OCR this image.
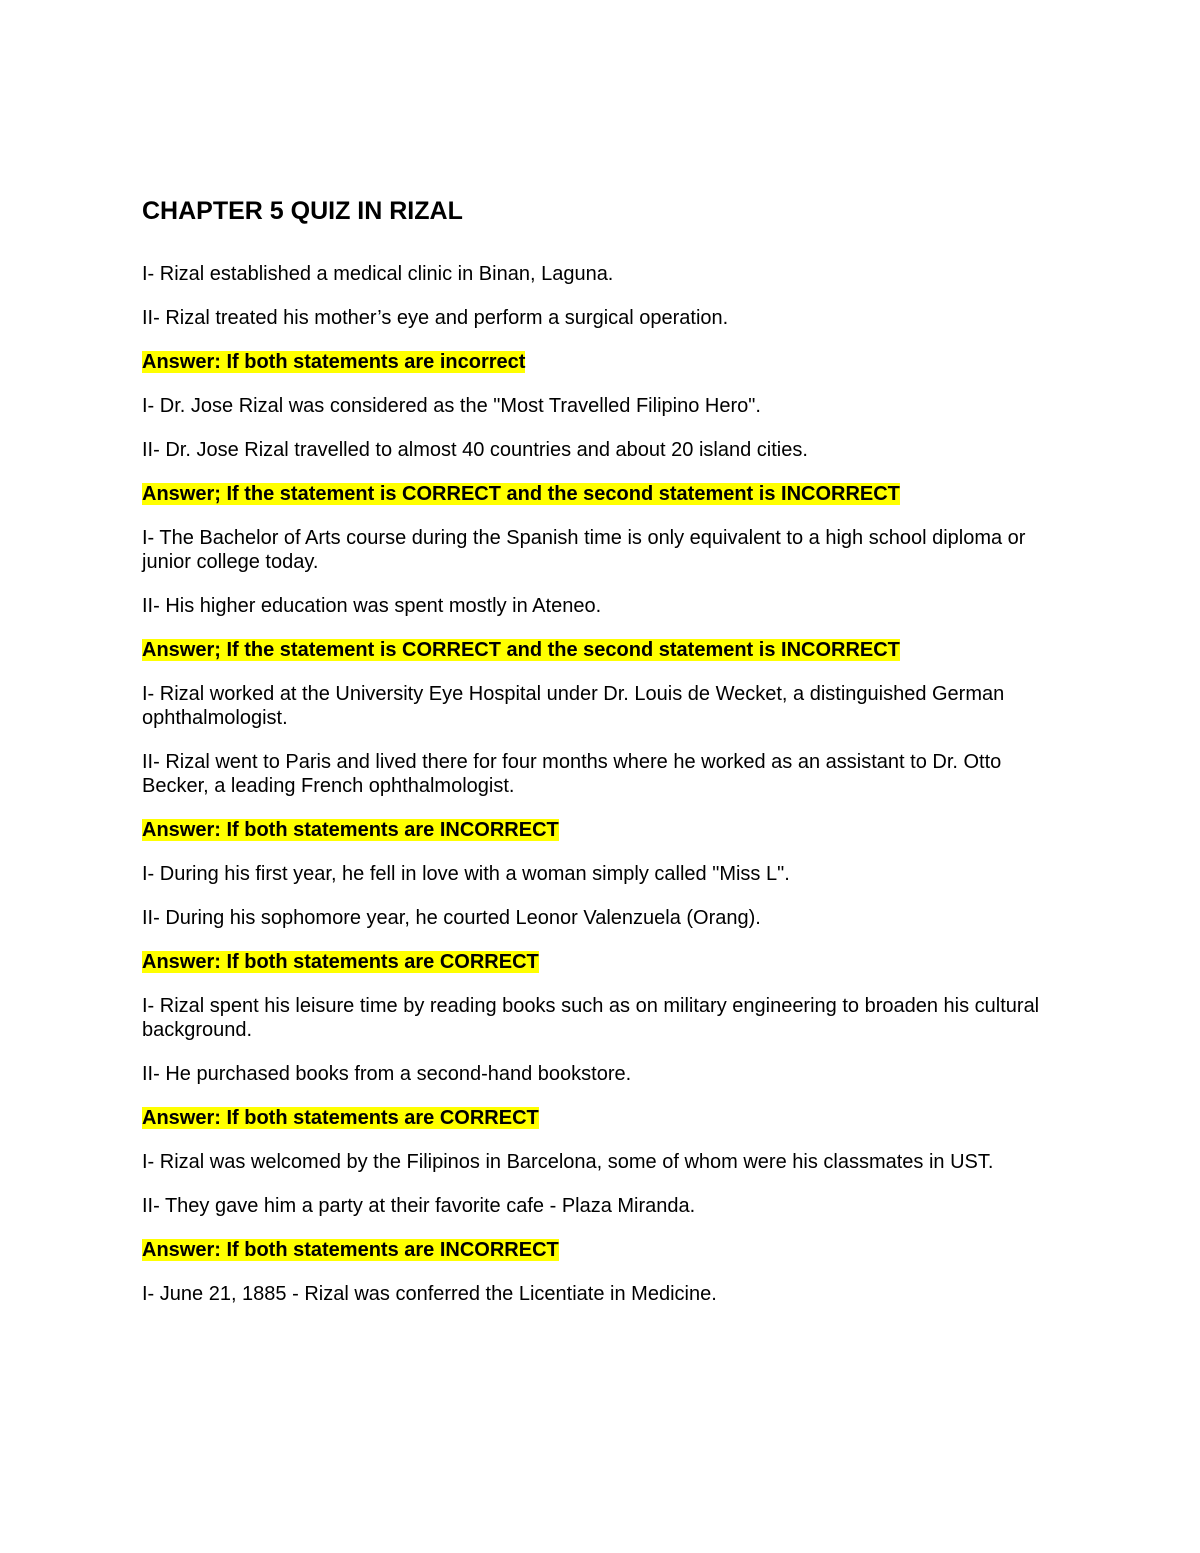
CHAPTER 5 QUIZ IN RIZAL

I- Rizal established a medical clinic in Binan, Laguna.

II- Rizal treated his mother’s eye and perform a surgical operation.

Answer: If both statements are incorrect

I- Dr. Jose Rizal was considered as the "Most Travelled Filipino Hero".

II- Dr. Jose Rizal travelled to almost 40 countries and about 20 island cities.

Answer; If the statement is CORRECT and the second statement is INCORRECT

I- The Bachelor of Arts course during the Spanish time is only equivalent to a high school diploma or junior college today.

II- His higher education was spent mostly in Ateneo.

Answer; If the statement is CORRECT and the second statement is INCORRECT

I- Rizal worked at the University Eye Hospital under Dr. Louis de Wecket, a distinguished German ophthalmologist.

II- Rizal went to Paris and lived there for four months where he worked as an assistant to Dr. Otto Becker, a leading French ophthalmologist.

Answer: If both statements are INCORRECT

I- During his first year, he fell in love with a woman simply called "Miss L".

II- During his sophomore year, he courted Leonor Valenzuela (Orang).

Answer: If both statements are CORRECT

I- Rizal spent his leisure time by reading books such as on military engineering to broaden his cultural background.

II- He purchased books from a second-hand bookstore.

Answer: If both statements are CORRECT

I- Rizal was welcomed by the Filipinos in Barcelona, some of whom were his classmates in UST.

II- They gave him a party at their favorite cafe - Plaza Miranda.

Answer: If both statements are INCORRECT

I- June 21, 1885 - Rizal was conferred the Licentiate in Medicine.
